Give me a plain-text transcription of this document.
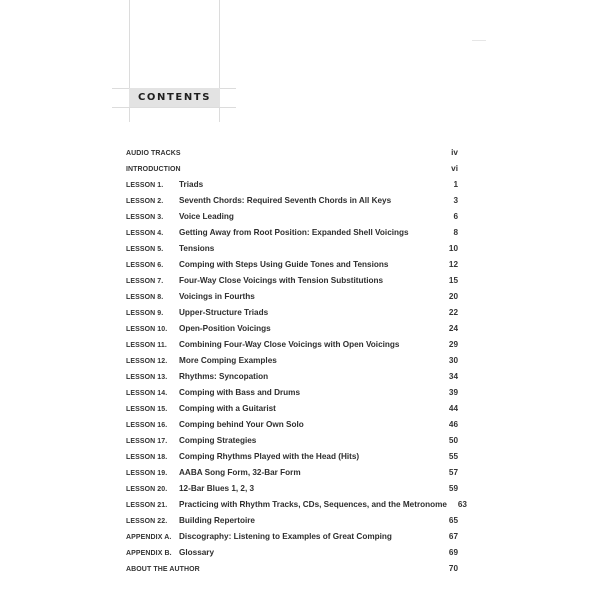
CONTENTS
AUDIO TRACKS	iv
INTRODUCTION	vi
LESSON 1.	Triads	1
LESSON 2.	Seventh Chords: Required Seventh Chords in All Keys	3
LESSON 3.	Voice Leading	6
LESSON 4.	Getting Away from Root Position: Expanded Shell Voicings	8
LESSON 5.	Tensions	10
LESSON 6.	Comping with Steps Using Guide Tones and Tensions	12
LESSON 7.	Four-Way Close Voicings with Tension Substitutions	15
LESSON 8.	Voicings in Fourths	20
LESSON 9.	Upper-Structure Triads	22
LESSON 10.	Open-Position Voicings	24
LESSON 11.	Combining Four-Way Close Voicings with Open Voicings	29
LESSON 12.	More Comping Examples	30
LESSON 13.	Rhythms: Syncopation	34
LESSON 14.	Comping with Bass and Drums	39
LESSON 15.	Comping with a Guitarist	44
LESSON 16.	Comping behind Your Own Solo	46
LESSON 17.	Comping Strategies	50
LESSON 18.	Comping Rhythms Played with the Head (Hits)	55
LESSON 19.	AABA Song Form, 32-Bar Form	57
LESSON 20.	12-Bar Blues 1, 2, 3	59
LESSON 21.	Practicing with Rhythm Tracks, CDs, Sequences, and the Metronome	63
LESSON 22.	Building Repertoire	65
APPENDIX A. Discography: Listening to Examples of Great Comping	67
APPENDIX B. Glossary	69
ABOUT THE AUTHOR	70
